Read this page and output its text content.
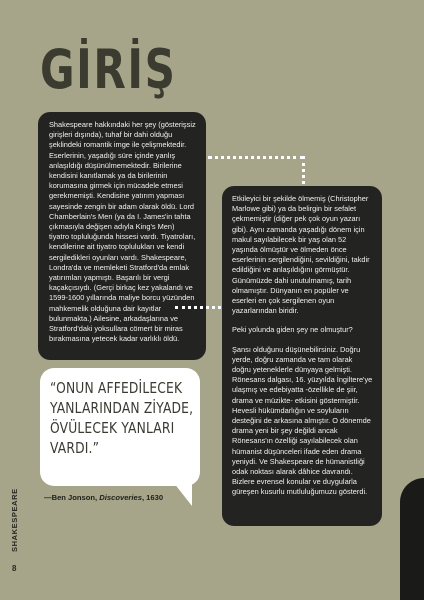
GİRİŞ

Shakespeare hakkındaki her şey (gösterişsiz girişleri dışında), tuhaf bir dahi olduğu şeklindeki romantik imge ile çelişmektedir. Eserlerinin, yaşadığı süre içinde yanlış anlaşıldığı düşünülmemektedir. Birilerine kendisini kanıtlamak ya da birilerinin korumasına girmek için mücadele etmesi gerekmemişti. Kendisine yatırım yapması sayesinde zengin bir adam olarak öldü. Lord Chamberlain's Men (ya da I. James'in tahta çıkmasıyla değişen adıyla King's Men) tiyatro topluluğunda hissesi vardı. Tiyatroları, kendilerine ait tiyatro toplulukları ve kendi sergiledikleri oyunları vardı. Shakespeare, Londra'da ve memleketi Stratford'da emlak yatırımları yapmıştı. Başarılı bir vergi kaçakçısıydı. (Gerçi birkaç kez yakalandı ve 1599-1600 yıllarında maliye borcu yüzünden mahkemelik olduğuna dair kayıtlar bulunmakta.) Ailesine, arkadaşlarına ve Stratford'daki yoksullara cömert bir miras bırakmasına yetecek kadar varlıklı öldü.

Etkileyici bir şekilde ölmemiş (Christopher Marlowe gibi) ya da belirgin bir sefalet çekmemiştir (diğer pek çok oyun yazarı gibi). Aynı zamanda yaşadığı dönem için makul sayılabilecek bir yaş olan 52 yaşında ölmüştür ve ölmeden önce eserlerinin sergilendiğini, sevildiğini, takdir edildiğini ve anlaşıldığını görmüştür. Günümüzde dahi unutulmamış, tarih olmamıştır. Dünyanın en popüler ve eserleri en çok sergilenen oyun yazarlarından biridir.

Peki yolunda giden şey ne olmuştur?

Şansı olduğunu düşünebilirsiniz. Doğru yerde, doğru zamanda ve tam olarak doğru yeteneklerle dünyaya gelmişti. Rönesans dalgası, 16. yüzyılda İngiltere'ye ulaşmış ve edebiyatta -özellikle de şiir, drama ve müzikte- etkisini göstermiştir. Hevesli hükümdarlığın ve soyluların desteğini de arkasına almıştır. O dönemde drama yeni bir şey değildi ancak Rönesans'ın özelliği sayılabilecek olan hümanist düşünceleri ifade eden drama yeniydi. Ve Shakespeare de hümanistliği odak noktası alarak dâhice davrandı. Bizlere evrensel konular ve duygularla güreşen kusurlu mutluluğumuzu gösterdi.

“ONUN AFFEDİLECEK YANLARINDAN ZİYADE, ÖVÜLECEK YANLARI VARDI.”
—Ben Jonson, Discoveries, 1630
SHAKESPEARE
8
